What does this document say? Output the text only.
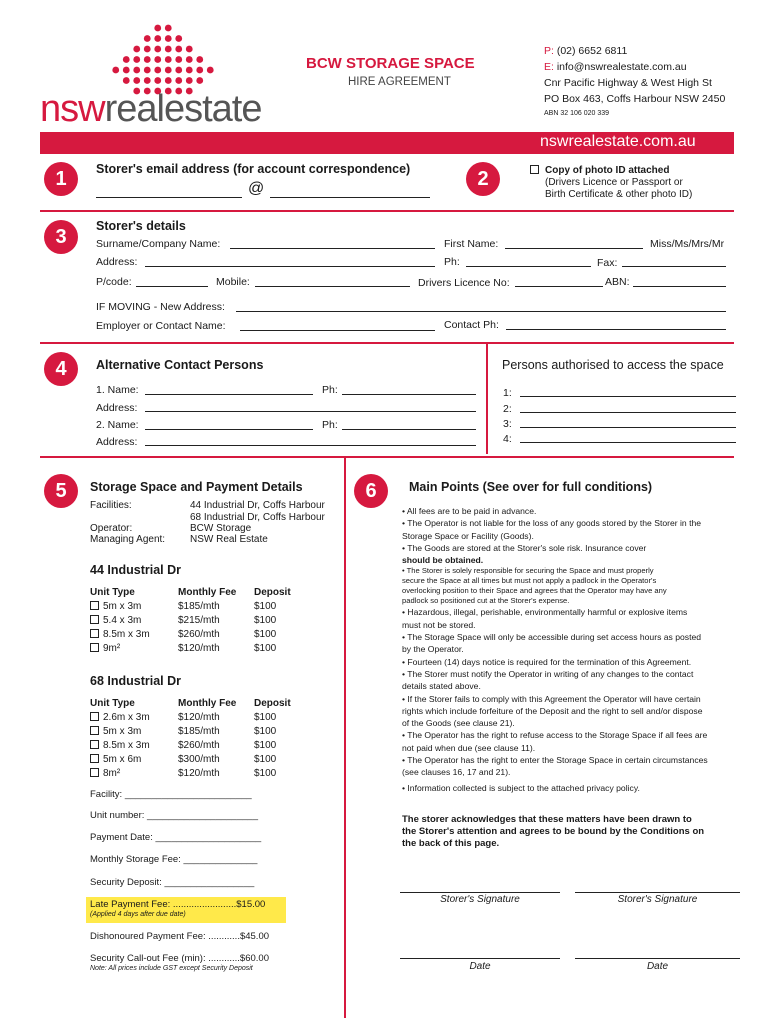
nswrealestate
BCW STORAGE SPACE
HIRE AGREEMENT
P: (02) 6652 6811
E: info@nswrealestate.com.au
Cnr Pacific Highway & West High St
PO Box 463, Coffs Harbour NSW 2450
ABN 32 106 020 339
nswrealestate.com.au
1	Storer's email address (for account correspondence)
@	2	Copy of photo ID attached
(Drivers Licence or Passport or
Birth Certificate & other photo ID)
3	Storer's details
Surname/Company Name:	First Name:	Miss/Ms/Mrs/Mr
Address:	Ph:	Fax:
P/code:	Mobile:	Drivers Licence No:	ABN:
IF MOVING - New Address:
Employer or Contact Name:	Contact Ph:
4	Alternative Contact Persons	Persons authorised to access the space
1. Name:	Ph:
Address:
2. Name:	Ph:
Address:
1:
2:
3:
4:
5	Storage Space and Payment Details
Facilities:	44 Industrial Dr, Coffs Harbour
68 Industrial Dr, Coffs Harbour
Operator:	BCW Storage
Managing Agent: NSW Real Estate
44 Industrial Dr
Unit Type	Monthly Fee Deposit
5m x 3m	$185/mth	$100
5.4 x 3m	$215/mth	$100
8.5m x 3m	$260/mth	$100
9m²	$120/mth	$100
68 Industrial Dr
Unit Type	Monthly Fee Deposit
2.6m x 3m	$120/mth	$100
5m x 3m	$185/mth	$100
8.5m x 3m	$260/mth	$100
5m x 6m	$300/mth	$100
8m²	$120/mth	$100
Facility: ________________________
Unit number: _____________________
Payment Date: ____________________
Monthly Storage Fee: ______________
Security Deposit: _________________
Late Payment Fee: ........................$15.00
(Applied 4 days after due date)
Dishonoured Payment Fee: ............$45.00
Security Call-out Fee (min): ............$60.00
Note: All prices include GST except Security Deposit
6	Main Points (See over for full conditions)
• All fees are to be paid in advance.
• The Operator is not liable for the loss of any goods stored by the Storer in the
Storage Space or Facility (Goods).
• The Goods are stored at the Storer's sole risk. Insurance cover
should be obtained.
• The Storer is solely responsible for securing the Space and must properly
secure the Space at all times but must not apply a padlock in the Operator's
overlocking position to their Space and agrees that the Operator may have any
padlock so positioned cut at the Storer's expense.
• Hazardous, illegal, perishable, environmentally harmful or explosive items
must not be stored.
• The Storage Space will only be accessible during set access hours as posted
by the Operator.
• Fourteen (14) days notice is required for the termination of this Agreement.
• The Storer must notify the Operator in writing of any changes to the contact
details stated above.
• If the Storer fails to comply with this Agreement the Operator will have certain
rights which include forfeiture of the Deposit and the right to sell and/or dispose
of the Goods (see clause 21).
• The Operator has the right to refuse access to the Storage Space if all fees are
not paid when due (see clause 11).
• The Operator has the right to enter the Storage Space in certain circumstances
(see clauses 16, 17 and 21).
• Information collected is subject to the attached privacy policy.
The storer acknowledges that these matters have been drawn to
the Storer's attention and agrees to be bound by the Conditions on
the back of this page.
Storer's Signature	Storer's Signature
Date	Date
